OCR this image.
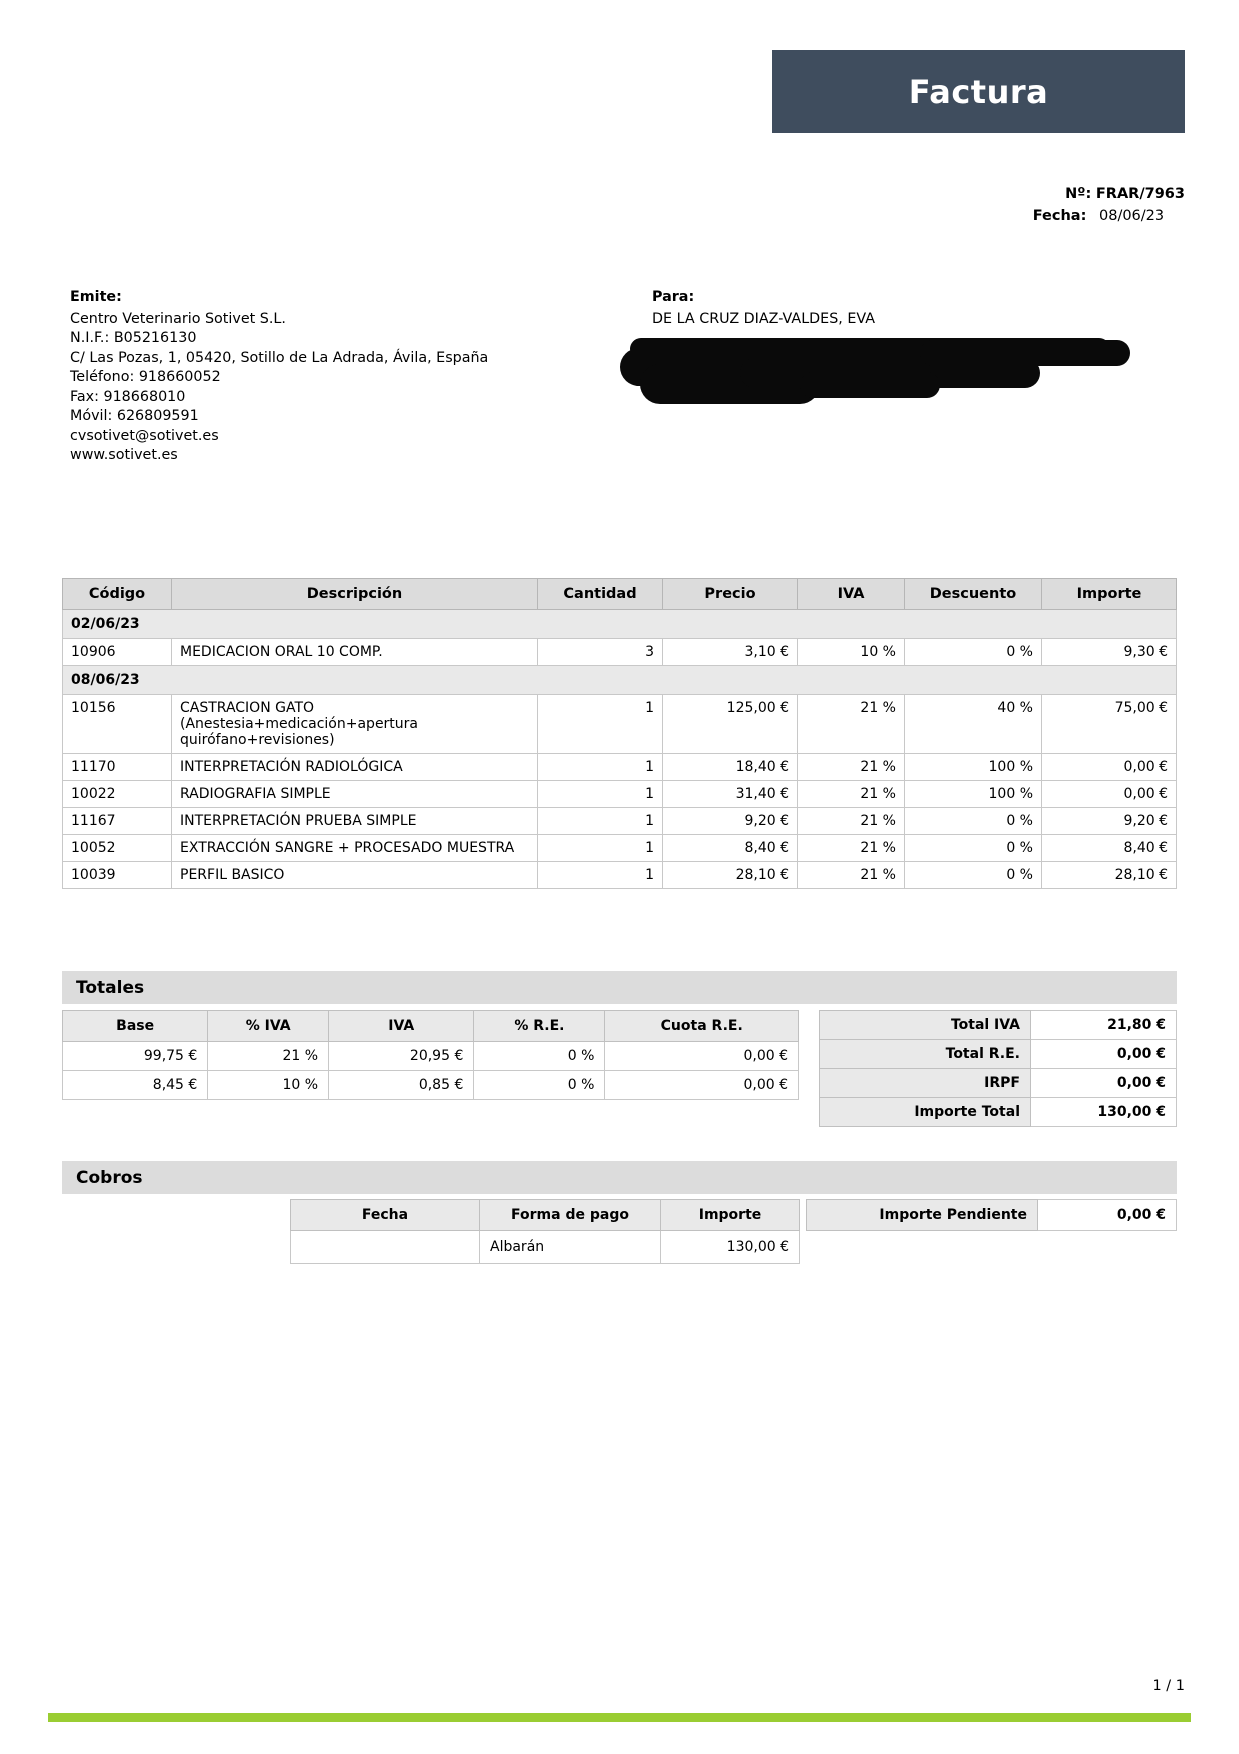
Factura
Nº: FRAR/7963
Fecha: 08/06/23
Emite:
Centro Veterinario Sotivet S.L.
N.I.F.: B05216130
C/ Las Pozas, 1, 05420, Sotillo de La Adrada, Ávila, España
Teléfono: 918660052
Fax: 918668010
Móvil: 626809591
cvsotivet@sotivet.es
www.sotivet.es
Para:
DE LA CRUZ DIAZ-VALDES, EVA
Código	Descripción	Cantidad	Precio	IVA	Descuento	Importe
02/06/23						
10906	MEDICACION ORAL 10 COMP.	3	3,10 €	10 %	0 %	9,30 €
08/06/23						
10156	CASTRACION GATO (Anestesia+medicación+apertura quirófano+revisiones)	1	125,00 €	21 %	40 %	75,00 €
11170	INTERPRETACIÓN RADIOLÓGICA	1	18,40 €	21 %	100 %	0,00 €
10022	RADIOGRAFIA SIMPLE	1	31,40 €	21 %	100 %	0,00 €
11167	INTERPRETACIÓN PRUEBA SIMPLE	1	9,20 €	21 %	0 %	9,20 €
10052	EXTRACCIÓN SANGRE + PROCESADO MUESTRA	1	8,40 €	21 %	0 %	8,40 €
10039	PERFIL BASICO	1	28,10 €	21 %	0 %	28,10 €
Totales
Base	% IVA	IVA	% R.E.	Cuota R.E.
99,75 €	21 %	20,95 €	0 %	0,00 €
8,45 €	10 %	0,85 €	0 %	0,00 €
Total IVA	21,80 €
Total R.E.	0,00 €
IRPF	0,00 €
Importe Total	130,00 €
Cobros
Fecha	Forma de pago	Importe
	Albarán	130,00 €
Importe Pendiente	0,00 €
1 / 1
